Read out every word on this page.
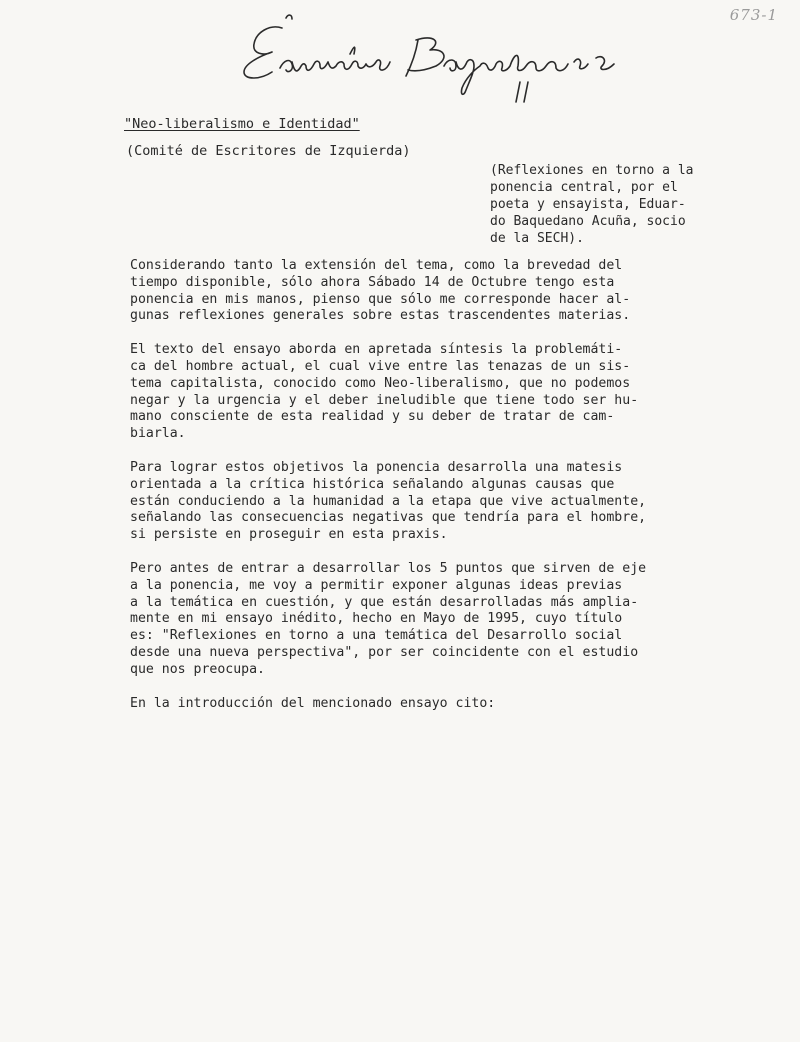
673-1
"Neo-liberalismo e Identidad"
(Comité de Escritores de Izquierda)
(Reflexiones en torno a la
ponencia central, por el
poeta y ensayista, Eduar-
do Baquedano Acuña, socio
de la SECH).

Considerando tanto la extensión del tema, como la brevedad del
tiempo disponible, sólo ahora Sábado 14 de Octubre tengo esta
ponencia en mis manos, pienso que sólo me corresponde hacer al-
gunas reflexiones generales sobre estas trascendentes materias.

El texto del ensayo aborda en apretada síntesis la problemáti-
ca del hombre actual, el cual vive entre las tenazas de un sis-
tema capitalista, conocido como Neo-liberalismo, que no podemos
negar y la urgencia y el deber ineludible que tiene todo ser hu-
mano consciente de esta realidad y su deber de tratar de cam-
biarla.

Para lograr estos objetivos la ponencia desarrolla una matesis
orientada a la crítica histórica señalando algunas causas que
están conduciendo a la humanidad a la etapa que vive actualmente,
señalando las consecuencias negativas que tendría para el hombre,
si persiste en proseguir en esta praxis.

Pero antes de entrar a desarrollar los 5 puntos que sirven de eje
a la ponencia, me voy a permitir exponer algunas ideas previas
a la temática en cuestión, y que están desarrolladas más amplia-
mente en mi ensayo inédito, hecho en Mayo de 1995, cuyo título
es: "Reflexiones en torno a una temática del Desarrollo social
desde una nueva perspectiva", por ser coincidente con el estudio
que nos preocupa.

En la introducción del mencionado ensayo cito:
